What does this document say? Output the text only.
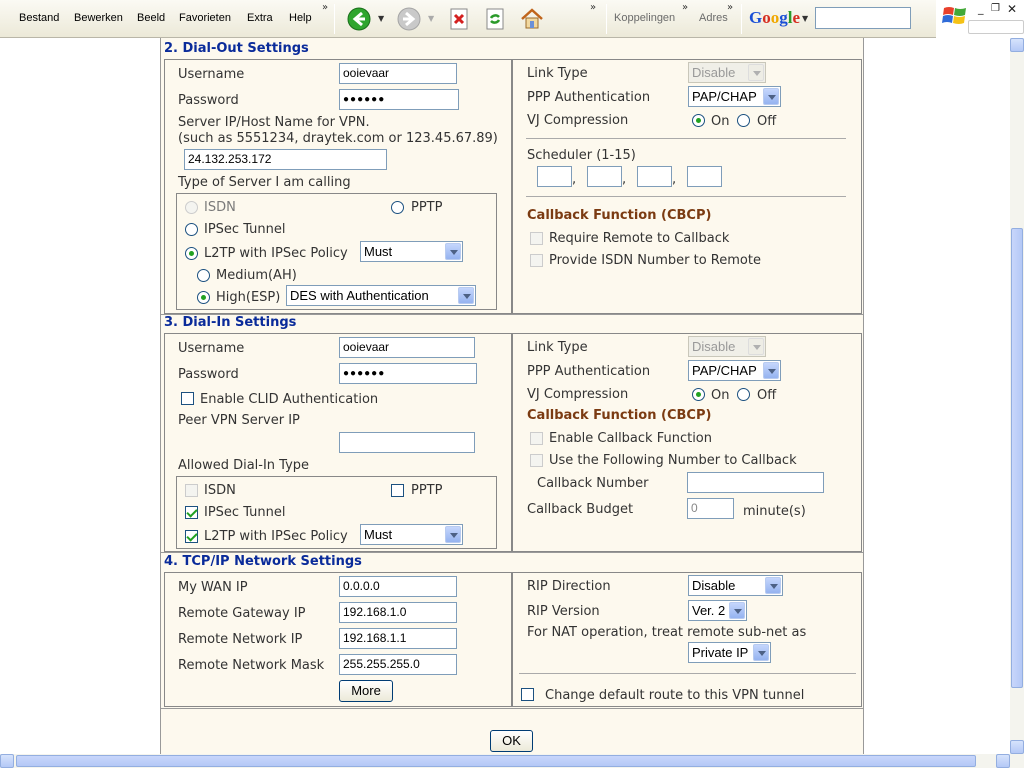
Bestand Bewerken Beeld Favorieten Extra Help
»
▼	▼
»
Koppelingen
»
Adres
»
Google ▼
_ ❐ ✕
2. Dial-Out Settings
Username	ooievaar
Password	●●●●●●
Server IP/Host Name for VPN.
(such as 5551234, draytek.com or 123.45.67.89)
24.132.253.172
Type of Server I am calling
ISDN	PPTP
IPSec Tunnel
L2TP with IPSec Policy	Must
Medium(AH)
High(ESP) DES with Authentication
Link Type	Disable
PPP Authentication	PAP/CHAP
VJ Compression	On Off
Scheduler (1-15)
,	,	,
Callback Function (CBCP)
Require Remote to Callback
Provide ISDN Number to Remote
3. Dial-In Settings
Username	ooievaar
Password	●●●●●●
Enable CLID Authentication
Peer VPN Server IP
Allowed Dial-In Type
ISDN	PPTP
IPSec Tunnel
L2TP with IPSec Policy	Must
Link Type	Disable
PPP Authentication	PAP/CHAP
VJ Compression	On Off
Callback Function (CBCP)
Enable Callback Function
Use the Following Number to Callback
Callback Number
Callback Budget	0	minute(s)
4. TCP/IP Network Settings
My WAN IP	0.0.0.0
Remote Gateway IP	192.168.1.0
Remote Network IP	192.168.1.1
Remote Network Mask	255.255.255.0
More
RIP Direction	Disable
RIP Version	Ver. 2
For NAT operation, treat remote sub-net as
Private IP
Change default route to this VPN tunnel
OK
